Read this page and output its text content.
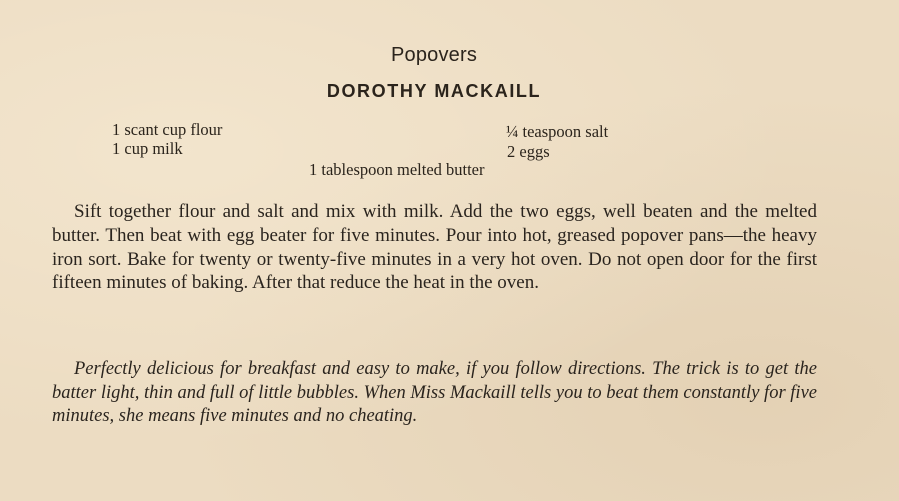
Popovers
DOROTHY MACKAILL
1 scant cup flour
1 cup milk
¼ teaspoon salt
2 eggs
1 tablespoon melted butter

Sift together flour and salt and mix with milk. Add the two eggs, well beaten and the melted butter. Then beat with egg beater for five minutes. Pour into hot, greased popover pans—the heavy iron sort. Bake for twenty or twenty-five minutes in a very hot oven. Do not open door for the first fifteen minutes of baking. After that reduce the heat in the oven.

Perfectly delicious for breakfast and easy to make, if you follow directions. The trick is to get the batter light, thin and full of little bubbles. When Miss Mackaill tells you to beat them constantly for five minutes, she means five minutes and no cheating.
